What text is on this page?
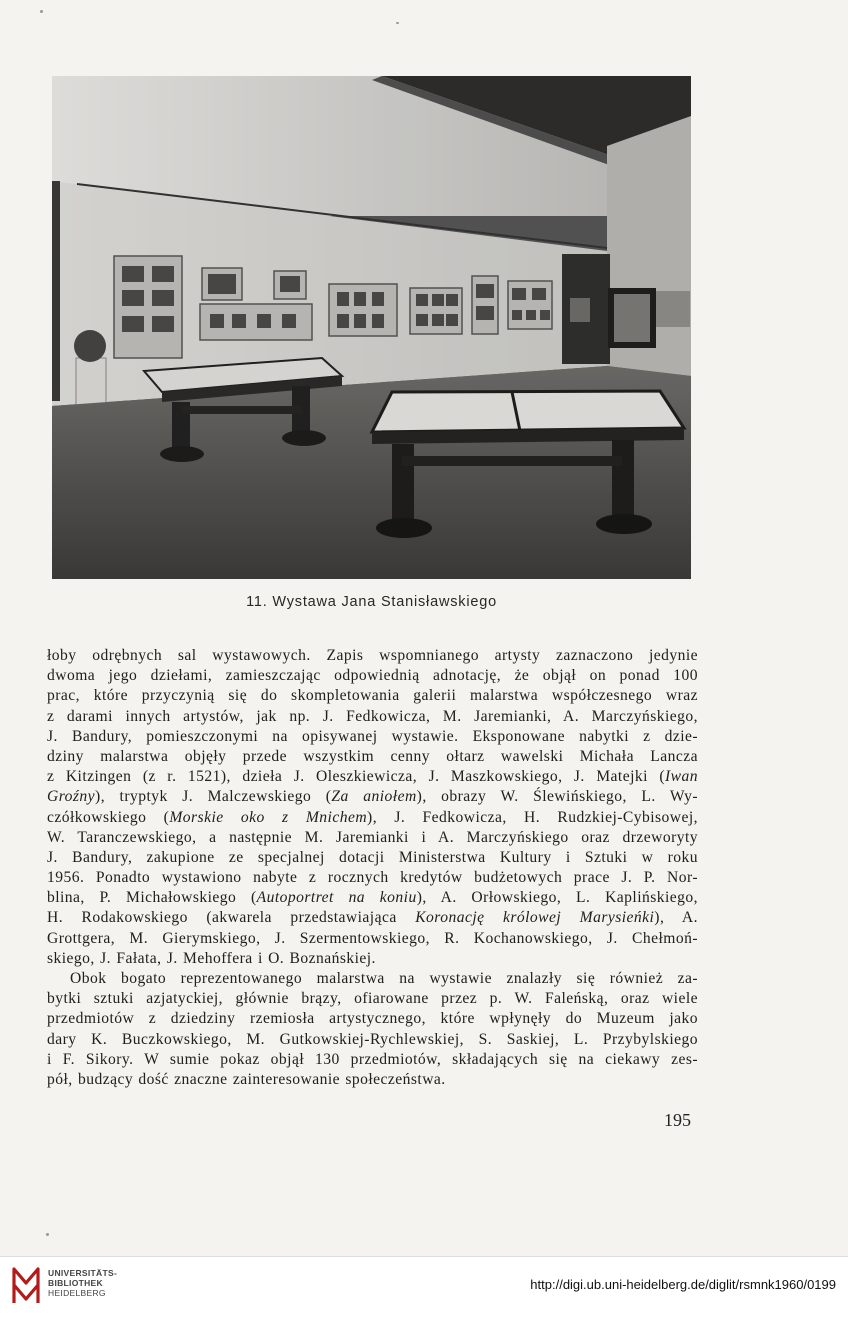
11. Wystawa Jana Stanisławskiego
łoby odrębnych sal wystawowych. Zapis wspomnianego artysty zaznaczono jedynie
dwoma jego dziełami, zamieszczając odpowiednią adnotację, że objął on ponad 100
prac, które przyczynią się do skompletowania galerii malarstwa współczesnego wraz
z darami innych artystów, jak np. J. Fedkowicza, M. Jaremianki, A. Marczyńskiego,
J. Bandury, pomieszczonymi na opisywanej wystawie. Eksponowane nabytki z dzie-
dziny malarstwa objęły przede wszystkim cenny ołtarz wawelski Michała Lancza
z Kitzingen (z r. 1521), dzieła J. Oleszkiewicza, J. Maszkowskiego, J. Matejki (Iwan
Groźny), tryptyk J. Malczewskiego (Za aniołem), obrazy W. Ślewińskiego, L. Wy-
czółkowskiego (Morskie oko z Mnichem), J. Fedkowicza, H. Rudzkiej-Cybisowej,
W. Taranczewskiego, a następnie M. Jaremianki i A. Marczyńskiego oraz drzeworyty
J. Bandury, zakupione ze specjalnej dotacji Ministerstwa Kultury i Sztuki w roku
1956. Ponadto wystawiono nabyte z rocznych kredytów budżetowych prace J. P. Nor-
blina, P. Michałowskiego (Autoportret na koniu), A. Orłowskiego, L. Kaplińskiego,
H. Rodakowskiego (akwarela przedstawiająca Koronację królowej Marysieńki), A.
Grottgera, M. Gierymskiego, J. Szermentowskiego, R. Kochanowskiego, J. Chełmoń-
skiego, J. Fałata, J. Mehoffera i O. Boznańskiej.
Obok bogato reprezentowanego malarstwa na wystawie znalazły się również za-
bytki sztuki azjatyckiej, głównie brązy, ofiarowane przez p. W. Faleńską, oraz wiele
przedmiotów z dziedziny rzemiosła artystycznego, które wpłynęły do Muzeum jako
dary K. Buczkowskiego, M. Gutkowskiej-Rychlewskiej, S. Saskiej, L. Przybylskiego
i F. Sikory. W sumie pokaz objął 130 przedmiotów, składających się na ciekawy zes-
pół, budzący dość znaczne zainteresowanie społeczeństwa.
195
UNIVERSITÄTS-
BIBLIOTHEK
HEIDELBERG
http://digi.ub.uni-heidelberg.de/diglit/rsmnk1960/0199
